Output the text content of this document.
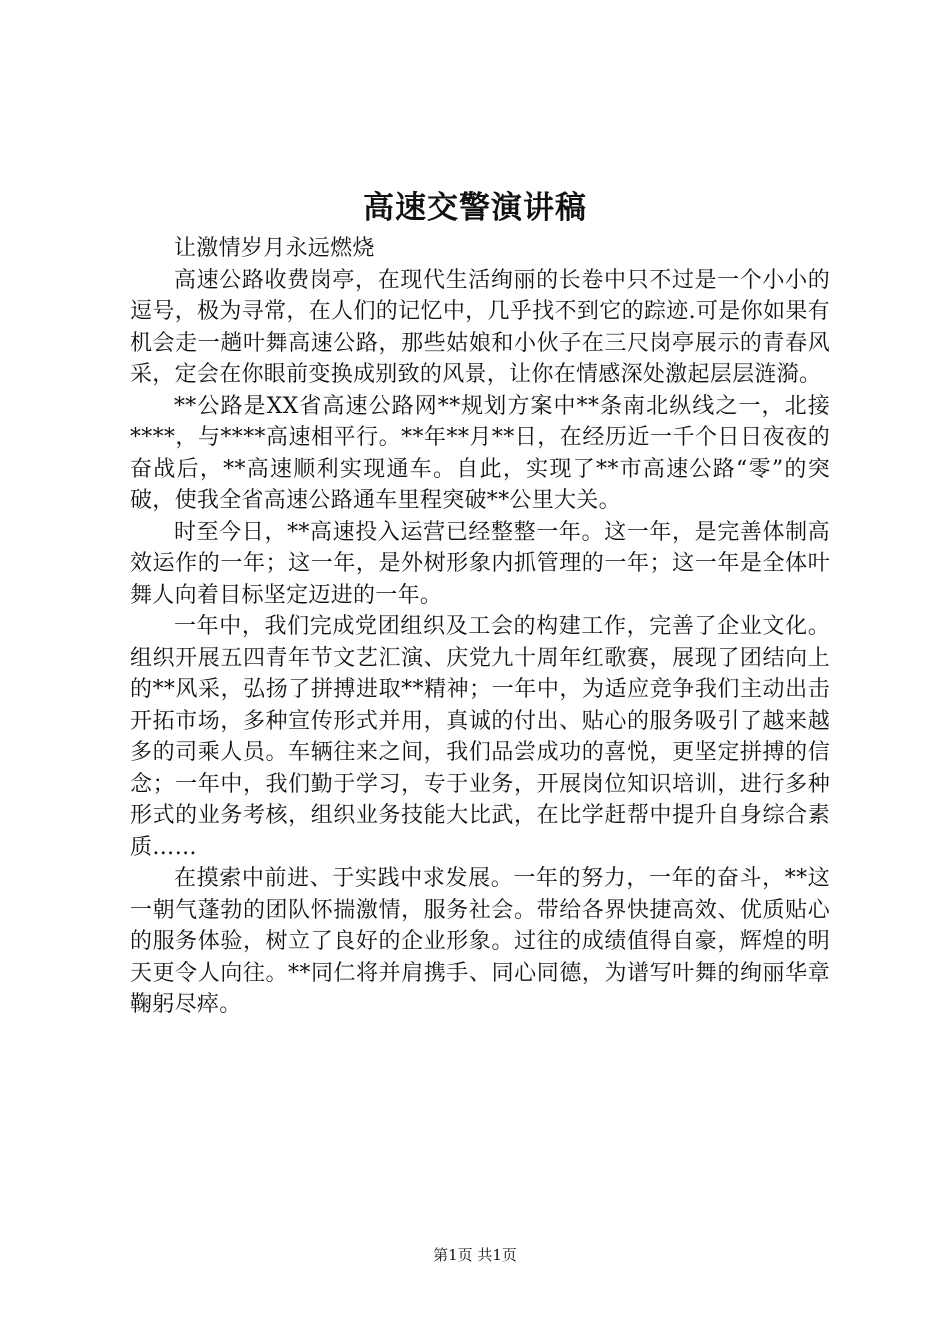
高速交警演讲稿

让激情岁月永远燃烧

高速公路收费岗亭，在现代生活绚丽的长卷中只不过是一个小小的逗号，极为寻常，在人们的记忆中，几乎找不到它的踪迹.可是你如果有机会走一趟叶舞高速公路，那些姑娘和小伙子在三尺岗亭展示的青春风采，定会在你眼前变换成别致的风景，让你在情感深处激起层层涟漪。

**公路是XX省高速公路网**规划方案中**条南北纵线之一，北接****，与****高速相平行。**年**月**日，在经历近一千个日日夜夜的奋战后，**高速顺利实现通车。自此，实现了**市高速公路“零”的突破，使我全省高速公路通车里程突破**公里大关。

时至今日，**高速投入运营已经整整一年。这一年，是完善体制高效运作的一年；这一年，是外树形象内抓管理的一年；这一年是全体叶舞人向着目标坚定迈进的一年。

一年中，我们完成党团组织及工会的构建工作，完善了企业文化。组织开展五四青年节文艺汇演、庆党九十周年红歌赛，展现了团结向上的**风采，弘扬了拼搏进取**精神；一年中，为适应竞争我们主动出击开拓市场，多种宣传形式并用，真诚的付出、贴心的服务吸引了越来越多的司乘人员。车辆往来之间，我们品尝成功的喜悦，更坚定拼搏的信念；一年中，我们勤于学习，专于业务，开展岗位知识培训，进行多种形式的业务考核，组织业务技能大比武，在比学赶帮中提升自身综合素质……

在摸索中前进、于实践中求发展。一年的努力，一年的奋斗，**这一朝气蓬勃的团队怀揣激情，服务社会。带给各界快捷高效、优质贴心的服务体验，树立了良好的企业形象。过往的成绩值得自豪，辉煌的明天更令人向往。**同仁将并肩携手、同心同德，为谱写叶舞的绚丽华章鞠躬尽瘁。

第1页 共1页
